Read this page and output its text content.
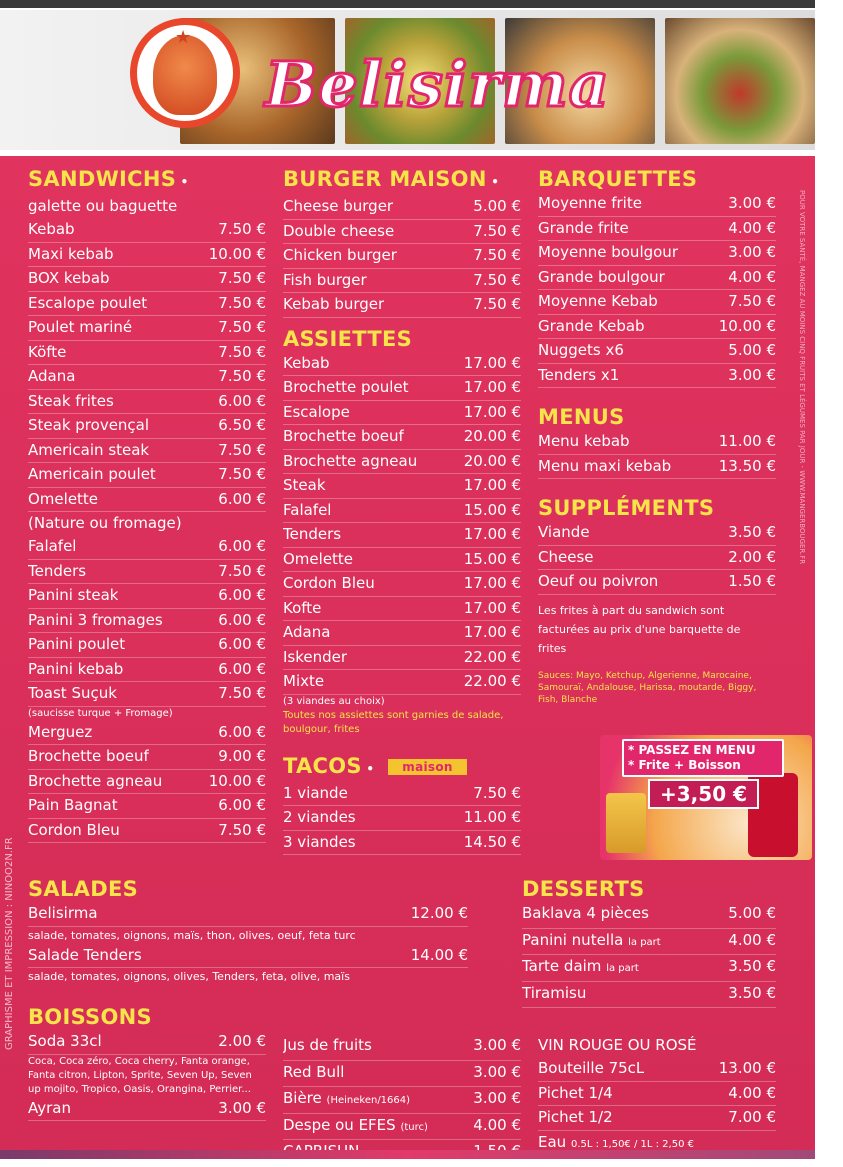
★
Belisirma
GRAPHISME ET IMPRESSION : NINOO2N.FR
POUR VOTRE SANTÉ, MANGEZ AU MOINS CINQ FRUITS ET LÉGUMES PAR JOUR - WWW.MANGERBOUGER.FR
SANDWICHS •
galette ou baguette
Kebab	7.50 €
Maxi kebab	10.00 €
BOX kebab	7.50 €
Escalope poulet	7.50 €
Poulet mariné	7.50 €
Köfte	7.50 €
Adana	7.50 €
Steak frites	6.00 €
Steak provençal	6.50 €
Americain steak	7.50 €
Americain poulet	7.50 €
Omelette	6.00 €
(Nature ou fromage)
Falafel	6.00 €
Tenders	7.50 €
Panini steak	6.00 €
Panini 3 fromages	6.00 €
Panini poulet	6.00 €
Panini kebab	6.00 €
Toast Suçuk	7.50 €
(saucisse turque + Fromage)
Merguez	6.00 €
Brochette boeuf	9.00 €
Brochette agneau	10.00 €
Pain Bagnat	6.00 €
Cordon Bleu	7.50 €
BURGER MAISON •
Cheese burger	5.00 €
Double cheese	7.50 €
Chicken burger	7.50 €
Fish burger	7.50 €
Kebab burger	7.50 €
ASSIETTES
Kebab	17.00 €
Brochette poulet	17.00 €
Escalope	17.00 €
Brochette boeuf	20.00 €
Brochette agneau	20.00 €
Steak	17.00 €
Falafel	15.00 €
Tenders	17.00 €
Omelette	15.00 €
Cordon Bleu	17.00 €
Kofte	17.00 €
Adana	17.00 €
Iskender	22.00 €
Mixte	22.00 €
(3 viandes au choix)
Toutes nos assiettes sont garnies de salade, boulgour, frites
TACOS • maison
1 viande	7.50 €
2 viandes	11.00 €
3 viandes	14.50 €
BARQUETTES
Moyenne frite	3.00 €
Grande frite	4.00 €
Moyenne boulgour	3.00 €
Grande boulgour	4.00 €
Moyenne Kebab	7.50 €
Grande Kebab	10.00 €
Nuggets x6	5.00 €
Tenders x1	3.00 €
MENUS
Menu kebab	11.00 €
Menu maxi kebab	13.50 €
SUPPLÉMENTS
Viande	3.50 €
Cheese	2.00 €
Oeuf ou poivron	1.50 €
Les frites à part du sandwich sont facturées au prix d'une barquette de frites
Sauces: Mayo, Ketchup, Algerienne, Marocaine, Samouraï, Andalouse, Harissa, moutarde, Biggy, Fish, Blanche
* PASSEZ EN MENU
* Frite + Boisson
+3,50 €
SALADES
Belisirma	12.00 €
salade, tomates, oignons, maïs, thon, olives, oeuf, feta turc
Salade Tenders	14.00 €
salade, tomates, oignons, olives, Tenders, feta, olive, maïs
DESSERTS
Baklava 4 pièces	5.00 €
Panini nutella la part	4.00 €
Tarte daim la part	3.50 €
Tiramisu	3.50 €
BOISSONS
Soda 33cl	2.00 €
Coca, Coca zéro, Coca cherry, Fanta orange, Fanta citron, Lipton, Sprite, Seven Up, Seven up mojito, Tropico, Oasis, Orangina, Perrier...
Ayran	3.00 €
Jus de fruits	3.00 €
Red Bull	3.00 €
Bière (Heineken/1664)	3.00 €
Despe ou EFES (turc)	4.00 €
VIN ROUGE OU ROSÉ
Bouteille 75cL	13.00 €
Pichet 1/4	4.00 €
Pichet 1/2	7.00 €
Eau 0.5L : 1,50€ / 1L : 2,50 €
